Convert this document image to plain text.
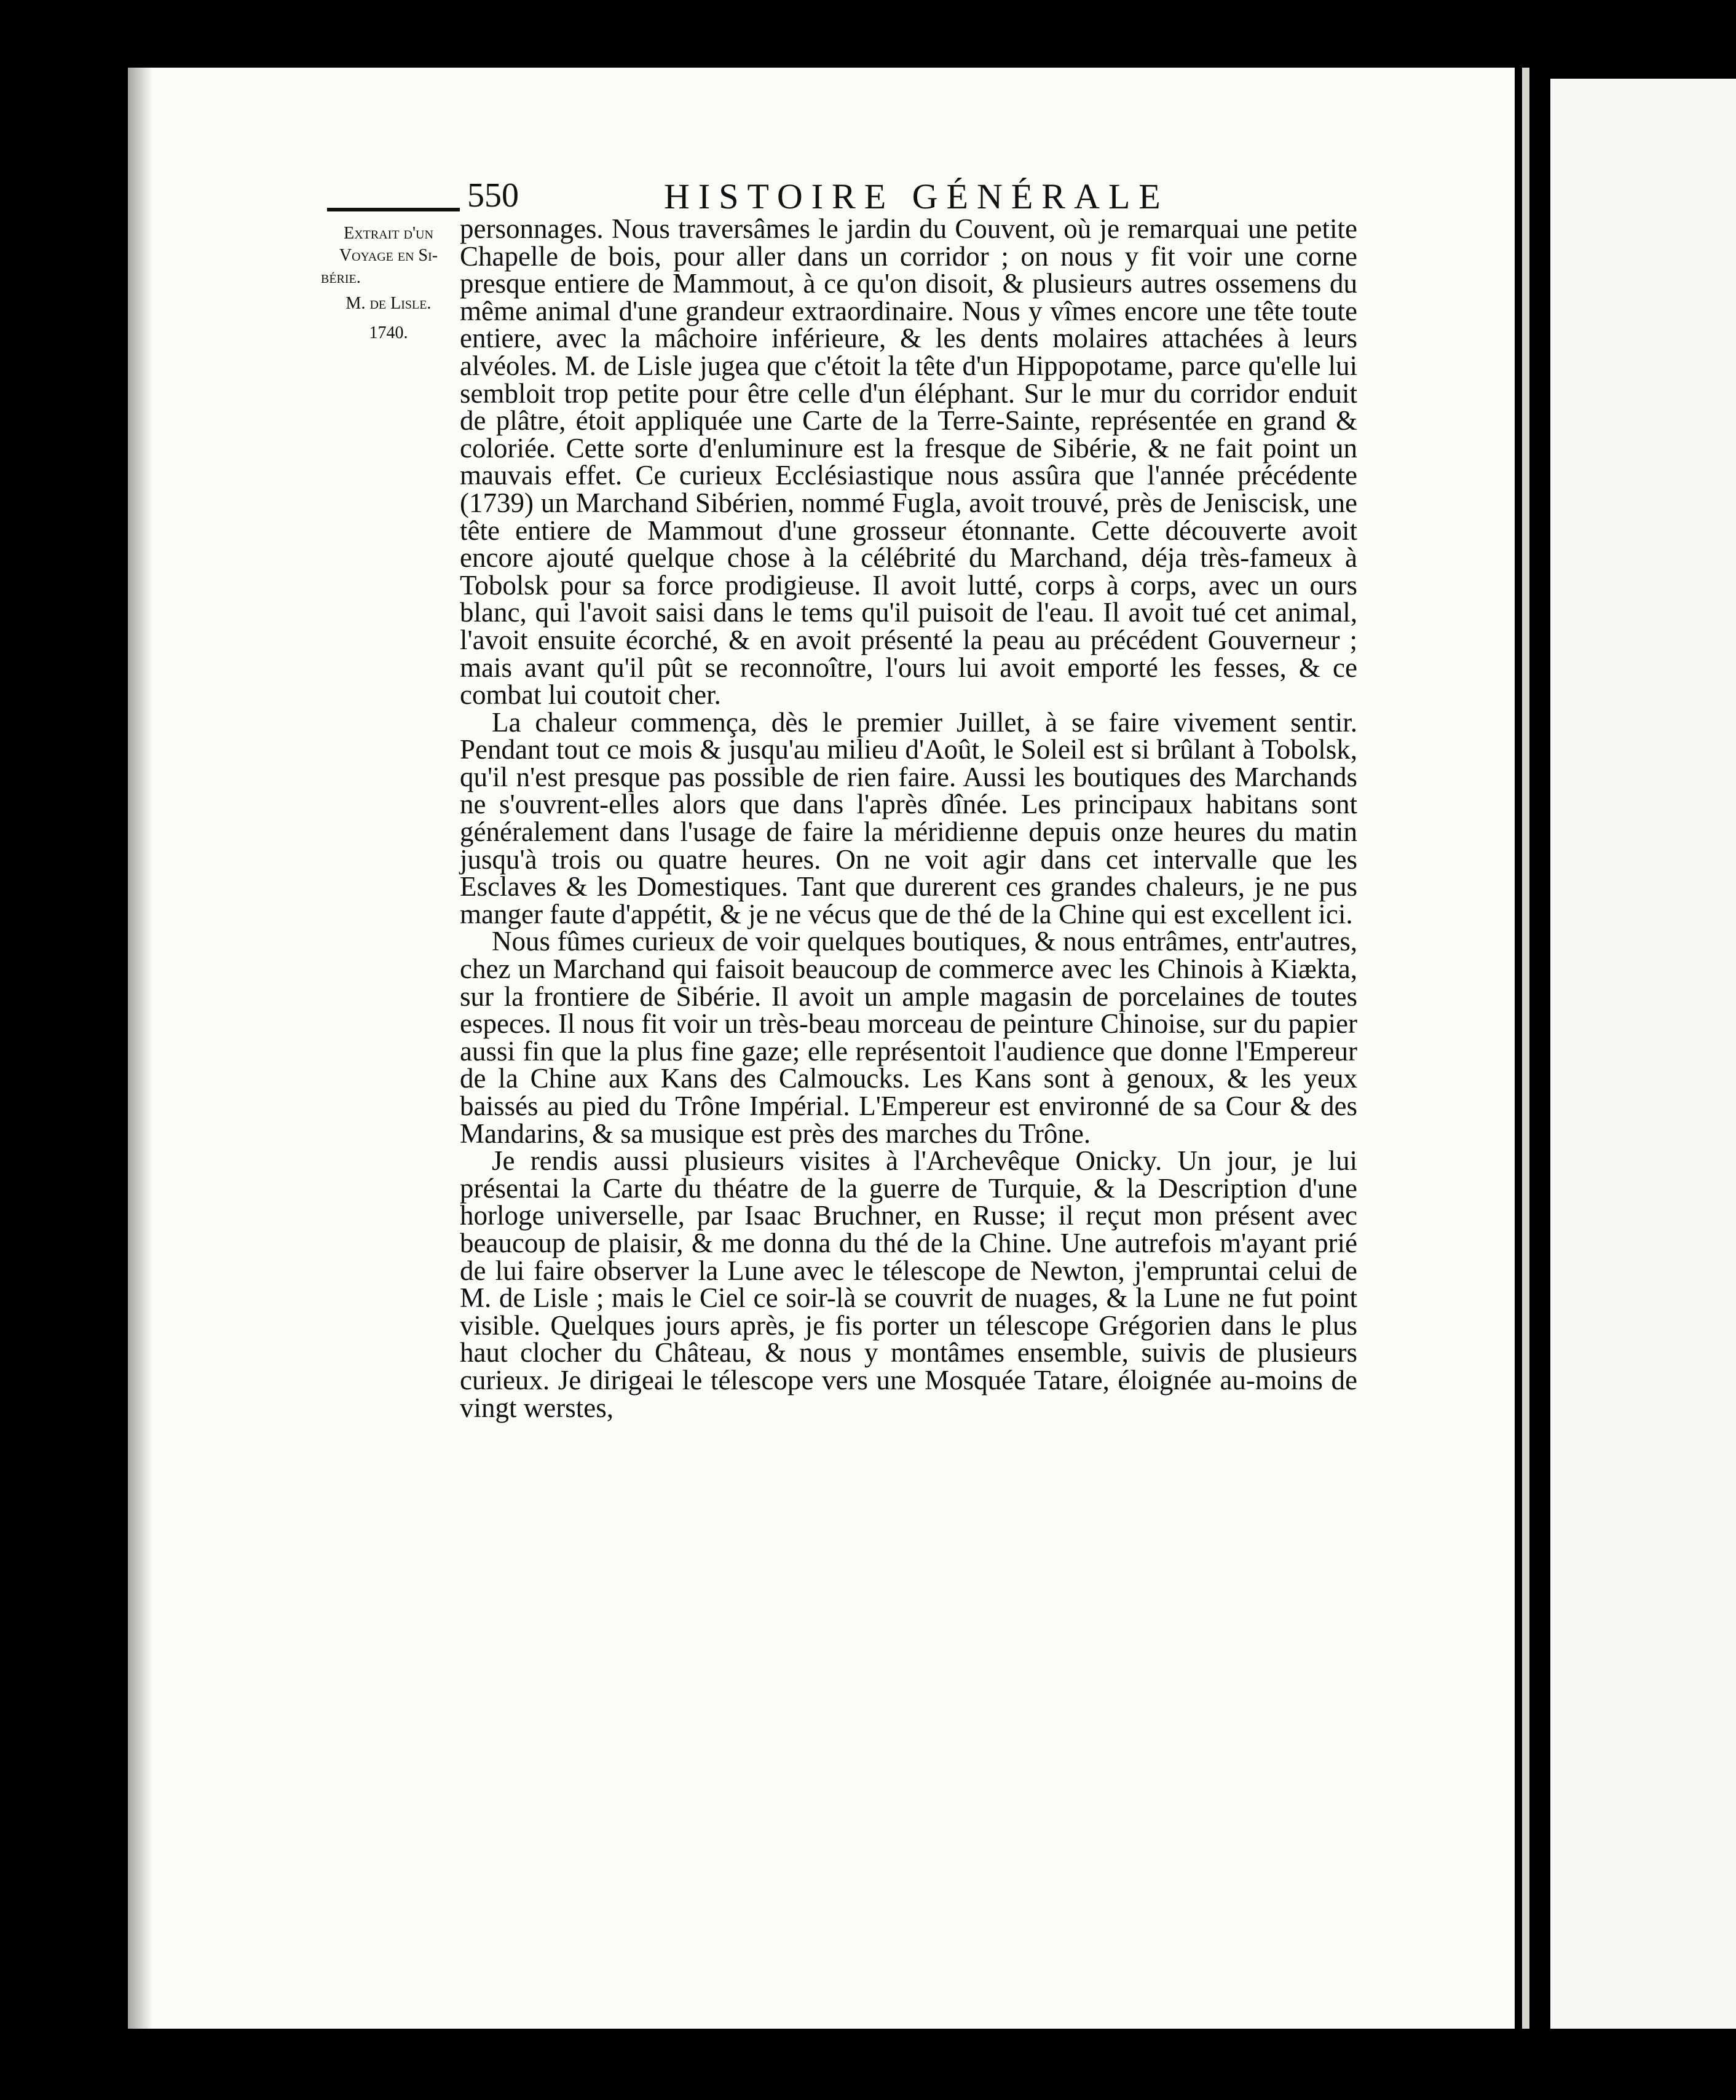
550	HISTOIRE GÉNÉRALE
Extrait d'un
Voyage en Si-
bérie.
M. de Lisle.
1740.

personnages. Nous traversâmes le jardin du Couvent, où je remarquai une petite Chapelle de bois, pour aller dans un corridor ; on nous y fit voir une corne presque entiere de Mammout, à ce qu'on disoit, & plusieurs autres ossemens du même animal d'une grandeur extraordinaire. Nous y vîmes encore une tête toute entiere, avec la mâchoire inférieure, & les dents molaires attachées à leurs alvéoles. M. de Lisle jugea que c'étoit la tête d'un Hippopotame, parce qu'elle lui sembloit trop petite pour être celle d'un éléphant. Sur le mur du corridor enduit de plâtre, étoit appliquée une Carte de la Terre-Sainte, représentée en grand & coloriée. Cette sorte d'enluminure est la fresque de Sibérie, & ne fait point un mauvais effet. Ce curieux Ecclésiastique nous assûra que l'année précédente (1739) un Marchand Sibérien, nommé Fugla, avoit trouvé, près de Jeniscisk, une tête entiere de Mammout d'une grosseur étonnante. Cette découverte avoit encore ajouté quelque chose à la célébrité du Marchand, déja très-fameux à Tobolsk pour sa force prodigieuse. Il avoit lutté, corps à corps, avec un ours blanc, qui l'avoit saisi dans le tems qu'il puisoit de l'eau. Il avoit tué cet animal, l'avoit ensuite écorché, & en avoit présenté la peau au précédent Gouverneur ; mais avant qu'il pût se reconnoître, l'ours lui avoit emporté les fesses, & ce combat lui coutoit cher.

La chaleur commença, dès le premier Juillet, à se faire vivement sentir. Pendant tout ce mois & jusqu'au milieu d'Août, le Soleil est si brûlant à Tobolsk, qu'il n'est presque pas possible de rien faire. Aussi les boutiques des Marchands ne s'ouvrent-elles alors que dans l'après dînée. Les principaux habitans sont généralement dans l'usage de faire la méridienne depuis onze heures du matin jusqu'à trois ou quatre heures. On ne voit agir dans cet intervalle que les Esclaves & les Domestiques. Tant que durerent ces grandes chaleurs, je ne pus manger faute d'appétit, & je ne vécus que de thé de la Chine qui est excellent ici.

Nous fûmes curieux de voir quelques boutiques, & nous entrâmes, entr'autres, chez un Marchand qui faisoit beaucoup de commerce avec les Chinois à Kiækta, sur la frontiere de Sibérie. Il avoit un ample magasin de porcelaines de toutes especes. Il nous fit voir un très-beau morceau de peinture Chinoise, sur du papier aussi fin que la plus fine gaze; elle représentoit l'audience que donne l'Empereur de la Chine aux Kans des Calmoucks. Les Kans sont à genoux, & les yeux baissés au pied du Trône Impérial. L'Empereur est environné de sa Cour & des Mandarins, & sa musique est près des marches du Trône.

Je rendis aussi plusieurs visites à l'Archevêque Onicky. Un jour, je lui présentai la Carte du théatre de la guerre de Turquie, & la Description d'une horloge universelle, par Isaac Bruchner, en Russe; il reçut mon présent avec beaucoup de plaisir, & me donna du thé de la Chine. Une autrefois m'ayant prié de lui faire observer la Lune avec le télescope de Newton, j'empruntai celui de M. de Lisle ; mais le Ciel ce soir-là se couvrit de nuages, & la Lune ne fut point visible. Quelques jours après, je fis porter un télescope Grégorien dans le plus haut clocher du Château, & nous y montâmes ensemble, suivis de plusieurs curieux. Je dirigeai le télescope vers une Mosquée Tatare, éloignée au-moins de vingt werstes,
